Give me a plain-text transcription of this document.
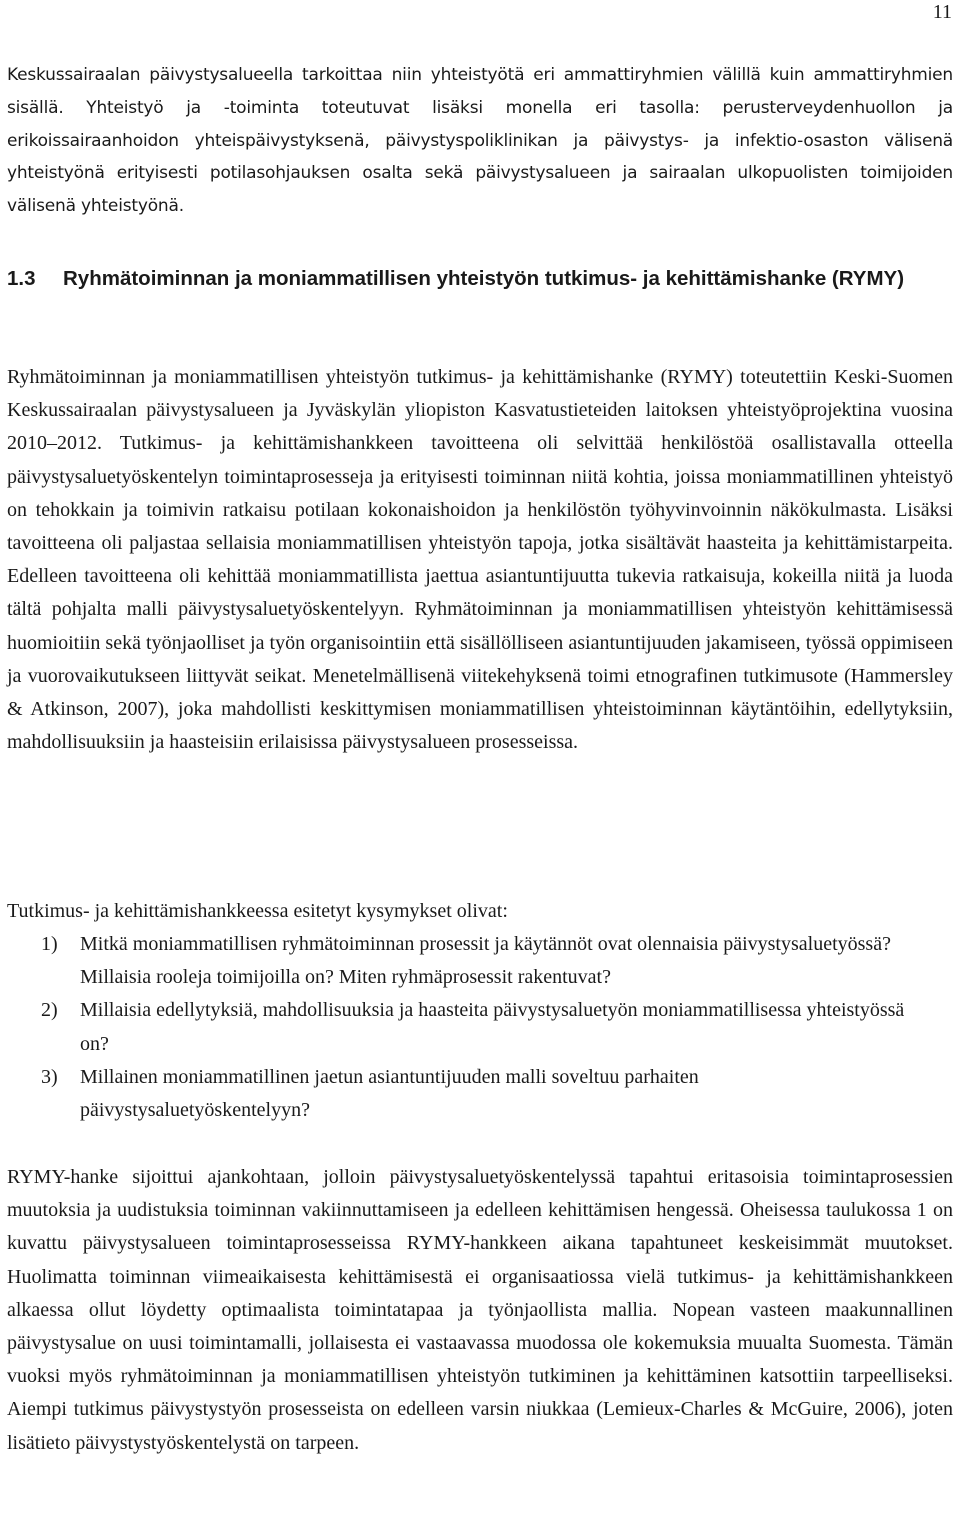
11

Keskussairaalan päivystysalueella tarkoittaa niin yhteistyötä eri ammattiryhmien välillä kuin ammattiryhmien sisällä. Yhteistyö ja -toiminta toteutuvat lisäksi monella eri tasolla: perusterveydenhuollon ja erikoissairaanhoidon yhteispäivystyksenä, päivystyspoliklinikan ja päivystys- ja infektio-osaston välisenä yhteistyönä erityisesti potilasohjauksen osalta sekä päivystysalueen ja sairaalan ulkopuolisten toimijoiden välisenä yhteistyönä.

1.3	Ryhmätoiminnan ja moniammatillisen yhteistyön tutkimus- ja kehittämishanke (RYMY)

Ryhmätoiminnan ja moniammatillisen yhteistyön tutkimus- ja kehittämishanke (RYMY) toteutettiin Keski-Suomen Keskussairaalan päivystysalueen ja Jyväskylän yliopiston Kasvatustieteiden laitoksen yhteistyöprojektina vuosina 2010–2012. Tutkimus- ja kehittämishankkeen tavoitteena oli selvittää henkilöstöä osallistavalla otteella päivystysaluetyöskentelyn toimintaprosesseja ja erityisesti toiminnan niitä kohtia, joissa moniammatillinen yhteistyö on tehokkain ja toimivin ratkaisu potilaan kokonaishoidon ja henkilöstön työhyvinvoinnin näkökulmasta. Lisäksi tavoitteena oli paljastaa sellaisia moniammatillisen yhteistyön tapoja, jotka sisältävät haasteita ja kehittämistarpeita. Edelleen tavoitteena oli kehittää moniammatillista jaettua asiantuntijuutta tukevia ratkaisuja, kokeilla niitä ja luoda tältä pohjalta malli päivystysaluetyöskentelyyn. Ryhmätoiminnan ja moniammatillisen yhteistyön kehittämisessä huomioitiin sekä työnjaolliset ja työn organisointiin että sisällölliseen asiantuntijuuden jakamiseen, työssä oppimiseen ja vuorovaikutukseen liittyvät seikat. Menetelmällisenä viitekehyksenä toimi etnografinen tutkimusote (Hammersley & Atkinson, 2007), joka mahdollisti keskittymisen moniammatillisen yhteistoiminnan käytäntöihin, edellytyksiin, mahdollisuuksiin ja haasteisiin erilaisissa päivystysalueen prosesseissa.

Tutkimus- ja kehittämishankkeessa esitetyt kysymykset olivat:

1)	Mitkä moniammatillisen ryhmätoiminnan prosessit ja käytännöt ovat olennaisia päivystysaluetyössä? Millaisia rooleja toimijoilla on? Miten ryhmäprosessit rakentuvat?
2)	Millaisia edellytyksiä, mahdollisuuksia ja haasteita päivystysaluetyön moniammatillisessa yhteistyössä on?
3)	Millainen moniammatillinen jaetun asiantuntijuuden malli soveltuu parhaiten päivystysaluetyöskentelyyn?

RYMY-hanke sijoittui ajankohtaan, jolloin päivystysaluetyöskentelyssä tapahtui eritasoisia toimintaprosessien muutoksia ja uudistuksia toiminnan vakiinnuttamiseen ja edelleen kehittämisen hengessä. Oheisessa taulukossa 1 on kuvattu päivystysalueen toimintaprosesseissa RYMY-hankkeen aikana tapahtuneet keskeisimmät muutokset. Huolimatta toiminnan viimeaikaisesta kehittämisestä ei organisaatiossa vielä tutkimus- ja kehittämishankkeen alkaessa ollut löydetty optimaalista toimintatapaa ja työnjaollista mallia. Nopean vasteen maakunnallinen päivystysalue on uusi toimintamalli, jollaisesta ei vastaavassa muodossa ole kokemuksia muualta Suomesta. Tämän vuoksi myös ryhmätoiminnan ja moniammatillisen yhteistyön tutkiminen ja kehittäminen katsottiin tarpeelliseksi. Aiempi tutkimus päivystystyön prosesseista on edelleen varsin niukkaa (Lemieux-Charles & McGuire, 2006), joten lisätieto päivystystyöskentelystä on tarpeen.
